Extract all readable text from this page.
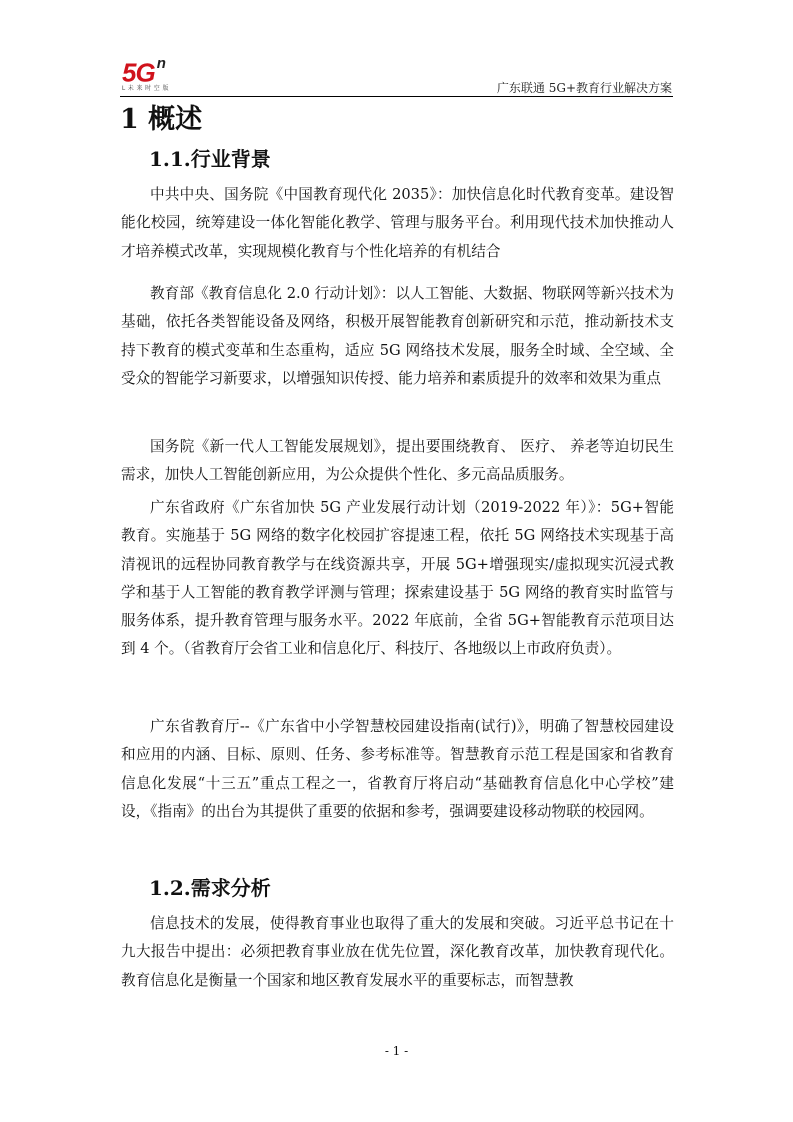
5G $^n$
L 未 来 时 空 版	广东联通 5G+教育行业解决方案
1 概述
1.1.行业背景
中共中央、国务院《中国教育现代化 2035》：加快信息化时代教育变革。建设智能化校园，统筹建设一体化智能化教学、管理与服务平台。利用现代技术加快推动人才培养模式改革，实现规模化教育与个性化培养的有机结合
教育部《教育信息化 2.0 行动计划》：以人工智能、大数据、物联网等新兴技术为基础，依托各类智能设备及网络，积极开展智能教育创新研究和示范，推动新技术支持下教育的模式变革和生态重构，适应 5G 网络技术发展，服务全时域、全空域、全受众的智能学习新要求，以增强知识传授、能力培养和素质提升的效率和效果为重点
国务院《新一代人工智能发展规划》，提出要围绕教育、 医疗、 养老等迫切民生需求，加快人工智能创新应用，为公众提供个性化、多元高品质服务。
广东省政府《广东省加快 5G 产业发展行动计划（2019-2022 年）》：5G+智能教育。实施基于 5G 网络的数字化校园扩容提速工程，依托 5G 网络技术实现基于高清视讯的远程协同教育教学与在线资源共享，开展 5G+增强现实/虚拟现实沉浸式教学和基于人工智能的教育教学评测与管理；探索建设基于 5G 网络的教育实时监管与服务体系，提升教育管理与服务水平。2022 年底前，全省 5G+智能教育示范项目达到 4 个。（省教育厅会省工业和信息化厅、科技厅、各地级以上市政府负责）。
广东省教育厅--《广东省中小学智慧校园建设指南(试行)》，明确了智慧校园建设和应用的内涵、目标、原则、任务、参考标准等。智慧教育示范工程是国家和省教育信息化发展“十三五”重点工程之一，省教育厅将启动“基础教育信息化中心学校”建设，《指南》的出台为其提供了重要的依据和参考，强调要建设移动物联的校园网。
1.2.需求分析
信息技术的发展，使得教育事业也取得了重大的发展和突破。习近平总书记在十九大报告中提出：必须把教育事业放在优先位置，深化教育改革，加快教育现代化。教育信息化是衡量一个国家和地区教育发展水平的重要标志，而智慧教
- 1 -
